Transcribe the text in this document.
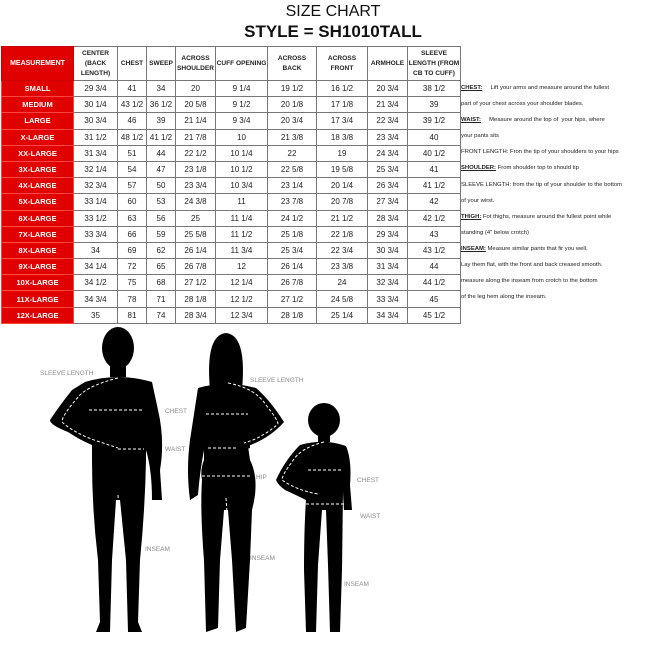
SIZE CHART
STYLE = SH1010TALL
MEASUREMENT	CENTER (BACK LENGTH)	CHEST	SWEEP	ACROSS SHOULDER	CUFF OPENING	ACROSS BACK	ACROSS FRONT	ARMHOLE	SLEEVE LENGTH (FROM CB TO CUFF)
SMALL	29 3/4	41	34	20	9 1/4	19 1/2	16 1/2	20 3/4	38 1/2
MEDIUM	30 1/4	43 1/2	36 1/2	20 5/8	9 1/2	20 1/8	17 1/8	21 3/4	39
LARGE	30 3/4	46	39	21 1/4	9 3/4	20 3/4	17 3/4	22 3/4	39 1/2
X-LARGE	31 1/2	48 1/2	41 1/2	21 7/8	10	21 3/8	18 3/8	23 3/4	40
XX-LARGE	31 3/4	51	44	22 1/2	10 1/4	22	19	24 3/4	40 1/2
3X-LARGE	32 1/4	54	47	23 1/8	10 1/2	22 5/8	19 5/8	25 3/4	41
4X-LARGE	32 3/4	57	50	23 3/4	10 3/4	23 1/4	20 1/4	26 3/4	41 1/2
5X-LARGE	33 1/4	60	53	24 3/8	11	23 7/8	20 7/8	27 3/4	42
6X-LARGE	33 1/2	63	56	25	11 1/4	24 1/2	21 1/2	28 3/4	42 1/2
7X-LARGE	33 3/4	66	59	25 5/8	11 1/2	25 1/8	22 1/8	29 3/4	43
8X-LARGE	34	69	62	26 1/4	11 3/4	25 3/4	22 3/4	30 3/4	43 1/2
9X-LARGE	34 1/4	72	65	26 7/8	12	26 1/4	23 3/8	31 3/4	44
10X-LARGE	34 1/2	75	68	27 1/2	12 1/4	26 7/8	24	32 3/4	44 1/2
11X-LARGE	34 3/4	78	71	28 1/8	12 1/2	27 1/2	24 5/8	33 3/4	45
12X-LARGE	35	81	74	28 3/4	12 3/4	28 1/8	25 1/4	34 3/4	45 1/2
CHEST:     Lift your arms and measure around the fullest
part of your chest across your shoulder blades.
WAIST:     Measure around the top of  your hips, where
your pants sits
FRONT LENGTH: Fron the tip of your shoulders to your hips
SHOULDER: From shoulder top to should tip
SLEEVE LENGTH: from the tip of your shoulder to the bottom
of your wirst.
THIGH: Fot thighs, measure around the fullest point while
standing (4" below crotch)
INSEAM: Measure similar pants that fir you well.
Lay them flat, with the front and back creased smooth.
measure along the inseam from crotch to the bottom
of the leg hem along the inseam.
SLEEVE LENGTH
CHEST
WAIST
INSEAM
SLEEVE LENGTH
HIP
INSEAM
CHEST
WAIST
INSEAM
